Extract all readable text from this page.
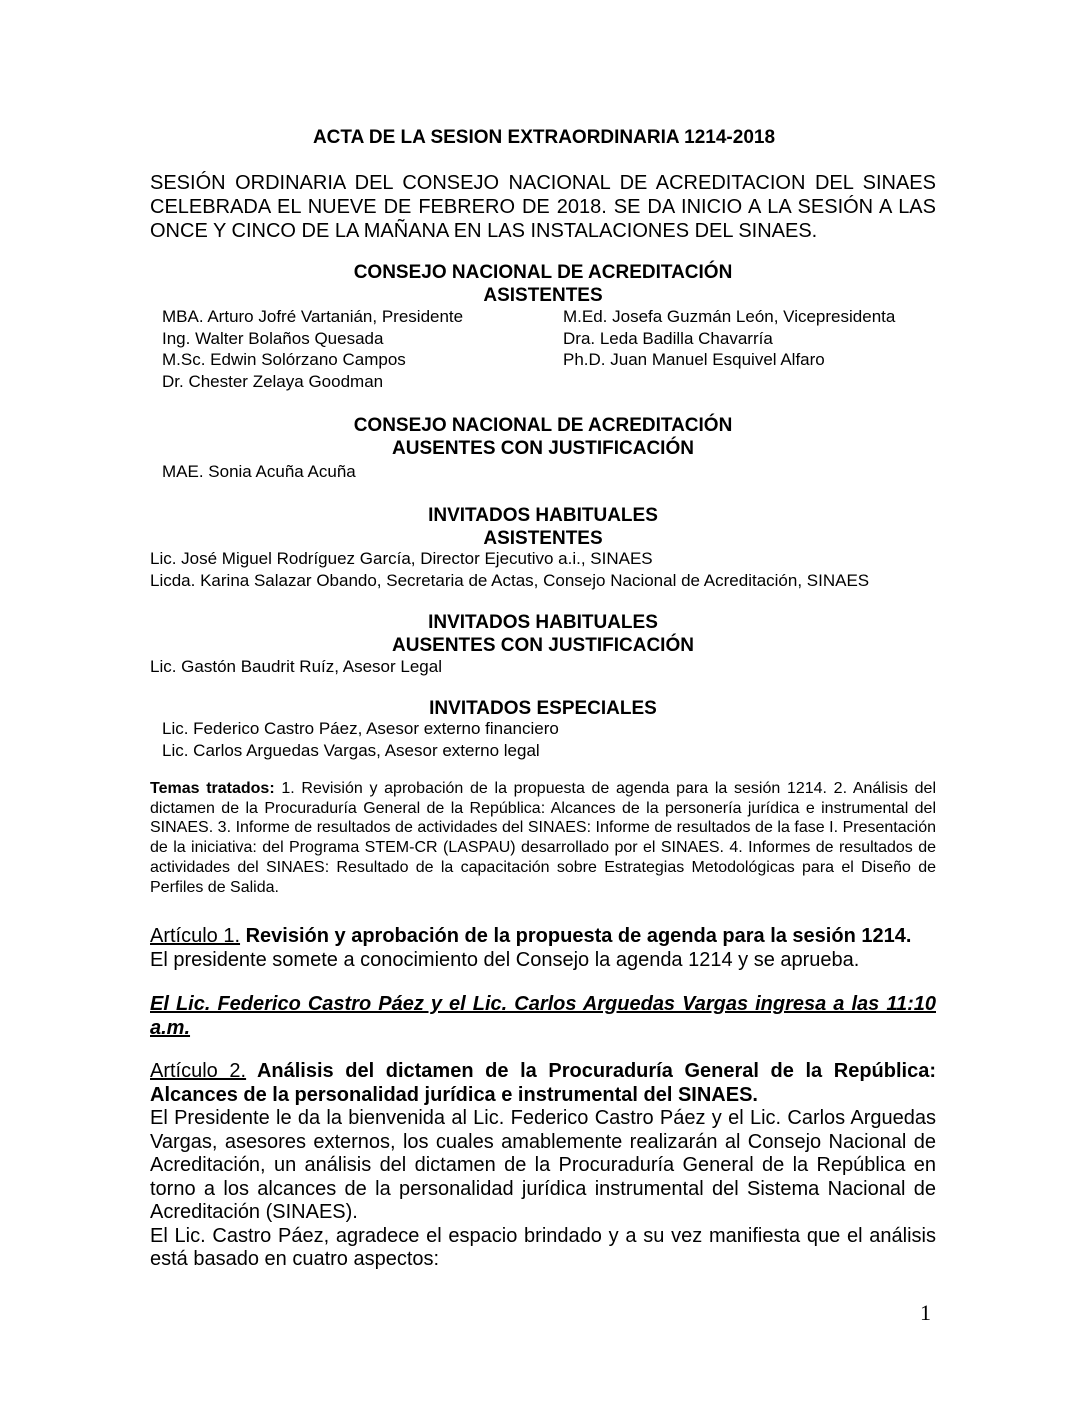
ACTA DE LA SESION EXTRAORDINARIA 1214-2018
SESIÓN ORDINARIA DEL CONSEJO NACIONAL DE ACREDITACION DEL SINAES CELEBRADA EL NUEVE DE FEBRERO DE 2018. SE DA INICIO A LA SESIÓN A LAS ONCE Y CINCO DE LA MAÑANA EN LAS INSTALACIONES DEL SINAES.
CONSEJO NACIONAL DE ACREDITACIÓN
ASISTENTES
MBA. Arturo Jofré Vartanián, Presidente
Ing. Walter Bolaños Quesada
M.Sc. Edwin Solórzano Campos
Dr. Chester Zelaya Goodman
M.Ed. Josefa Guzmán León, Vicepresidenta
Dra. Leda Badilla Chavarría
Ph.D. Juan Manuel Esquivel Alfaro
CONSEJO NACIONAL DE ACREDITACIÓN
AUSENTES CON JUSTIFICACIÓN
MAE. Sonia Acuña Acuña
INVITADOS HABITUALES
ASISTENTES
Lic. José Miguel Rodríguez García, Director Ejecutivo a.i., SINAES
Licda. Karina Salazar Obando, Secretaria de Actas, Consejo Nacional de Acreditación, SINAES
INVITADOS HABITUALES
AUSENTES CON JUSTIFICACIÓN
Lic. Gastón Baudrit Ruíz, Asesor Legal
INVITADOS ESPECIALES
Lic. Federico Castro Páez, Asesor externo financiero
Lic. Carlos Arguedas Vargas, Asesor externo legal
Temas tratados: 1. Revisión y aprobación de la propuesta de agenda para la sesión 1214. 2. Análisis del dictamen de la Procuraduría General de la República: Alcances de la personería jurídica e instrumental del SINAES. 3. Informe de resultados de actividades del SINAES: Informe de resultados de la fase I. Presentación de la iniciativa: del Programa STEM-CR (LASPAU) desarrollado por el SINAES. 4. Informes de resultados de actividades del SINAES: Resultado de la capacitación sobre Estrategias Metodológicas para el Diseño de Perfiles de Salida.
Artículo 1. Revisión y aprobación de la propuesta de agenda para la sesión 1214.
El presidente somete a conocimiento del Consejo la agenda 1214 y se aprueba.
El Lic. Federico Castro Páez y el Lic. Carlos Arguedas Vargas ingresa a las 11:10 a.m.
Artículo 2. Análisis del dictamen de la Procuraduría General de la República: Alcances de la personalidad jurídica e instrumental del SINAES.
El Presidente le da la bienvenida al Lic. Federico Castro Páez y el Lic. Carlos Arguedas Vargas, asesores externos, los cuales amablemente realizarán al Consejo Nacional de Acreditación, un análisis del dictamen de la Procuraduría General de la República en torno a los alcances de la personalidad jurídica instrumental del Sistema Nacional de Acreditación (SINAES).
El Lic. Castro Páez, agradece el espacio brindado y a su vez manifiesta que el análisis está basado en cuatro aspectos:
1
